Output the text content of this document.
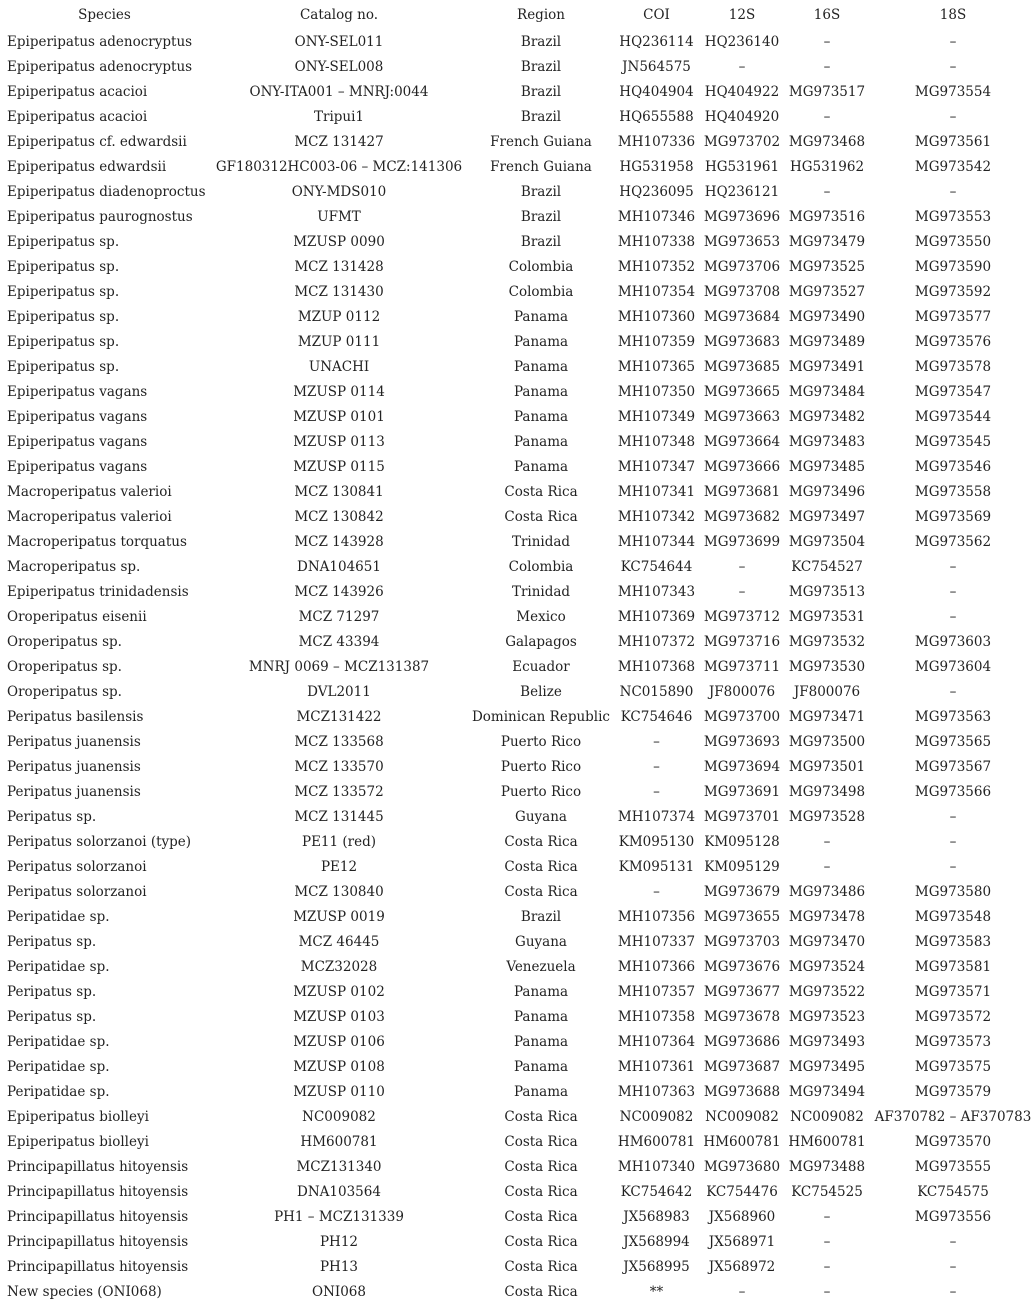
Species	Catalog no.	Region	COI	12S	16S	18S
Epiperipatus adenocryptus	ONY-SEL011	Brazil	HQ236114	HQ236140	–	–
Epiperipatus adenocryptus	ONY-SEL008	Brazil	JN564575	–	–	–
Epiperipatus acacioi	ONY-ITA001 – MNRJ:0044	Brazil	HQ404904	HQ404922	MG973517	MG973554
Epiperipatus acacioi	Tripui1	Brazil	HQ655588	HQ404920	–	–
Epiperipatus cf. edwardsii	MCZ 131427	French Guiana	MH107336	MG973702	MG973468	MG973561
Epiperipatus edwardsii	GF180312HC003-06 – MCZ:141306	French Guiana	HG531958	HG531961	HG531962	MG973542
Epiperipatus diadenoproctus	ONY-MDS010	Brazil	HQ236095	HQ236121	–	–
Epiperipatus paurognostus	UFMT	Brazil	MH107346	MG973696	MG973516	MG973553
Epiperipatus sp.	MZUSP 0090	Brazil	MH107338	MG973653	MG973479	MG973550
Epiperipatus sp.	MCZ 131428	Colombia	MH107352	MG973706	MG973525	MG973590
Epiperipatus sp.	MCZ 131430	Colombia	MH107354	MG973708	MG973527	MG973592
Epiperipatus sp.	MZUP 0112	Panama	MH107360	MG973684	MG973490	MG973577
Epiperipatus sp.	MZUP 0111	Panama	MH107359	MG973683	MG973489	MG973576
Epiperipatus sp.	UNACHI	Panama	MH107365	MG973685	MG973491	MG973578
Epiperipatus vagans	MZUSP 0114	Panama	MH107350	MG973665	MG973484	MG973547
Epiperipatus vagans	MZUSP 0101	Panama	MH107349	MG973663	MG973482	MG973544
Epiperipatus vagans	MZUSP 0113	Panama	MH107348	MG973664	MG973483	MG973545
Epiperipatus vagans	MZUSP 0115	Panama	MH107347	MG973666	MG973485	MG973546
Macroperipatus valerioi	MCZ 130841	Costa Rica	MH107341	MG973681	MG973496	MG973558
Macroperipatus valerioi	MCZ 130842	Costa Rica	MH107342	MG973682	MG973497	MG973569
Macroperipatus torquatus	MCZ 143928	Trinidad	MH107344	MG973699	MG973504	MG973562
Macroperipatus sp.	DNA104651	Colombia	KC754644	–	KC754527	–
Epiperipatus trinidadensis	MCZ 143926	Trinidad	MH107343	–	MG973513	–
Oroperipatus eisenii	MCZ 71297	Mexico	MH107369	MG973712	MG973531	–
Oroperipatus sp.	MCZ 43394	Galapagos	MH107372	MG973716	MG973532	MG973603
Oroperipatus sp.	MNRJ 0069 – MCZ131387	Ecuador	MH107368	MG973711	MG973530	MG973604
Oroperipatus sp.	DVL2011	Belize	NC015890	JF800076	JF800076	–
Peripatus basilensis	MCZ131422	Dominican Republic	KC754646	MG973700	MG973471	MG973563
Peripatus juanensis	MCZ 133568	Puerto Rico	–	MG973693	MG973500	MG973565
Peripatus juanensis	MCZ 133570	Puerto Rico	–	MG973694	MG973501	MG973567
Peripatus juanensis	MCZ 133572	Puerto Rico	–	MG973691	MG973498	MG973566
Peripatus sp.	MCZ 131445	Guyana	MH107374	MG973701	MG973528	–
Peripatus solorzanoi (type)	PE11 (red)	Costa Rica	KM095130	KM095128	–	–
Peripatus solorzanoi	PE12	Costa Rica	KM095131	KM095129	–	–
Peripatus solorzanoi	MCZ 130840	Costa Rica	–	MG973679	MG973486	MG973580
Peripatidae sp.	MZUSP 0019	Brazil	MH107356	MG973655	MG973478	MG973548
Peripatus sp.	MCZ 46445	Guyana	MH107337	MG973703	MG973470	MG973583
Peripatidae sp.	MCZ32028	Venezuela	MH107366	MG973676	MG973524	MG973581
Peripatus sp.	MZUSP 0102	Panama	MH107357	MG973677	MG973522	MG973571
Peripatus sp.	MZUSP 0103	Panama	MH107358	MG973678	MG973523	MG973572
Peripatidae sp.	MZUSP 0106	Panama	MH107364	MG973686	MG973493	MG973573
Peripatidae sp.	MZUSP 0108	Panama	MH107361	MG973687	MG973495	MG973575
Peripatidae sp.	MZUSP 0110	Panama	MH107363	MG973688	MG973494	MG973579
Epiperipatus biolleyi	NC009082	Costa Rica	NC009082	NC009082	NC009082	AF370782 – AF370783
Epiperipatus biolleyi	HM600781	Costa Rica	HM600781	HM600781	HM600781	MG973570
Principapillatus hitoyensis	MCZ131340	Costa Rica	MH107340	MG973680	MG973488	MG973555
Principapillatus hitoyensis	DNA103564	Costa Rica	KC754642	KC754476	KC754525	KC754575
Principapillatus hitoyensis	PH1 – MCZ131339	Costa Rica	JX568983	JX568960	–	MG973556
Principapillatus hitoyensis	PH12	Costa Rica	JX568994	JX568971	–	–
Principapillatus hitoyensis	PH13	Costa Rica	JX568995	JX568972	–	–
New species (ONI068)	ONI068	Costa Rica	**	–	–	–
